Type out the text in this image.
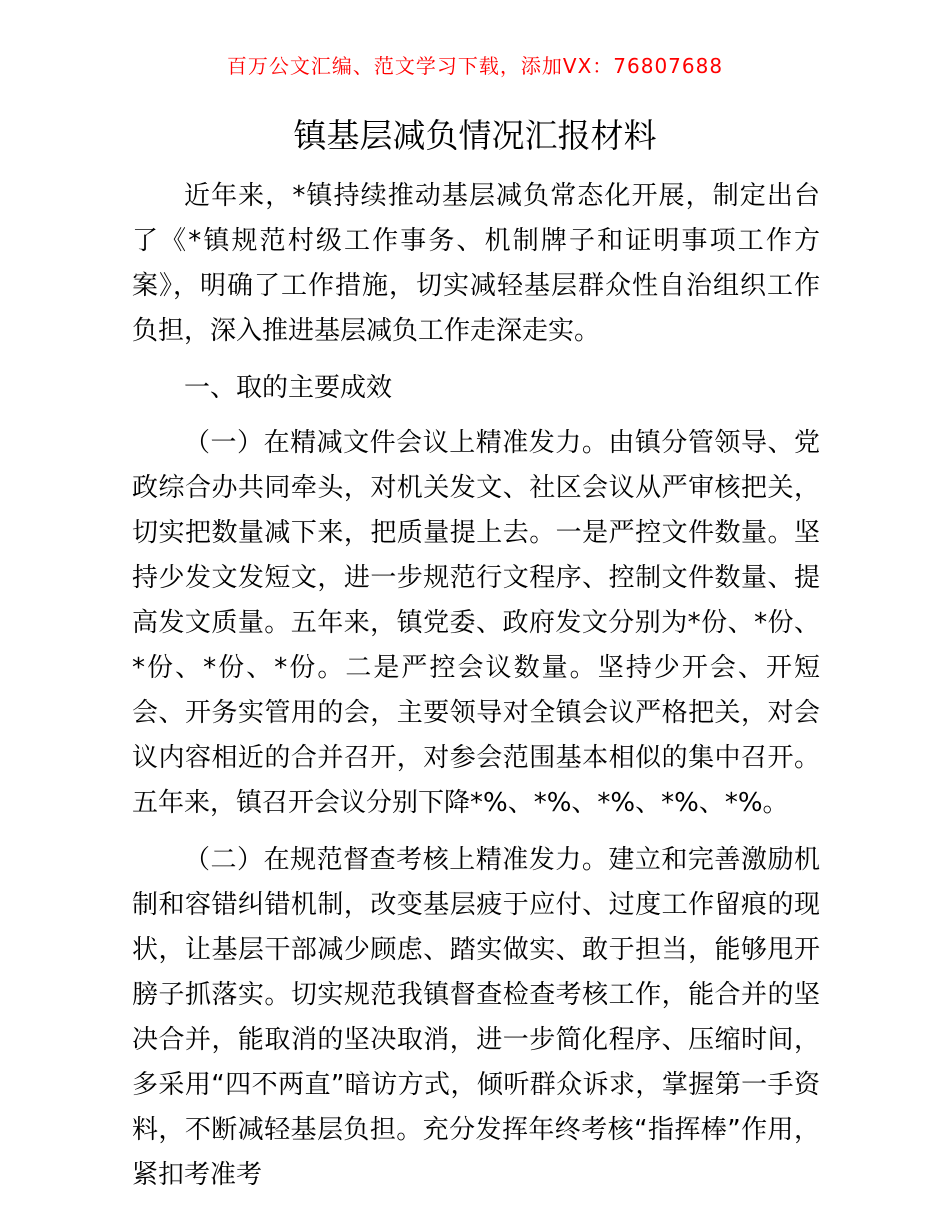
百万公文汇编、范文学习下载，添加VX：76807688
镇基层减负情况汇报材料

近年来，*镇持续推动基层减负常态化开展，制定出台了《*镇规范村级工作事务、机制牌子和证明事项工作方案》，明确了工作措施，切实减轻基层群众性自治组织工作负担，深入推进基层减负工作走深走实。

一、取的主要成效

（一）在精减文件会议上精准发力。由镇分管领导、党政综合办共同牵头，对机关发文、社区会议从严审核把关，切实把数量减下来，把质量提上去。一是严控文件数量。坚持少发文发短文，进一步规范行文程序、控制文件数量、提高发文质量。五年来，镇党委、政府发文分别为*份、*份、*份、*份、*份。二是严控会议数量。坚持少开会、开短会、开务实管用的会，主要领导对全镇会议严格把关，对会议内容相近的合并召开，对参会范围基本相似的集中召开。五年来，镇召开会议分别下降*%、*%、*%、*%、*%。

（二）在规范督查考核上精准发力。建立和完善激励机制和容错纠错机制，改变基层疲于应付、过度工作留痕的现状，让基层干部减少顾虑、踏实做实、敢于担当，能够甩开膀子抓落实。切实规范我镇督查检查考核工作，能合并的坚决合并，能取消的坚决取消，进一步简化程序、压缩时间，多采用“四不两直”暗访方式，倾听群众诉求，掌握第一手资料，不断减轻基层负担。充分发挥年终考核“指挥棒”作用，紧扣考准考
